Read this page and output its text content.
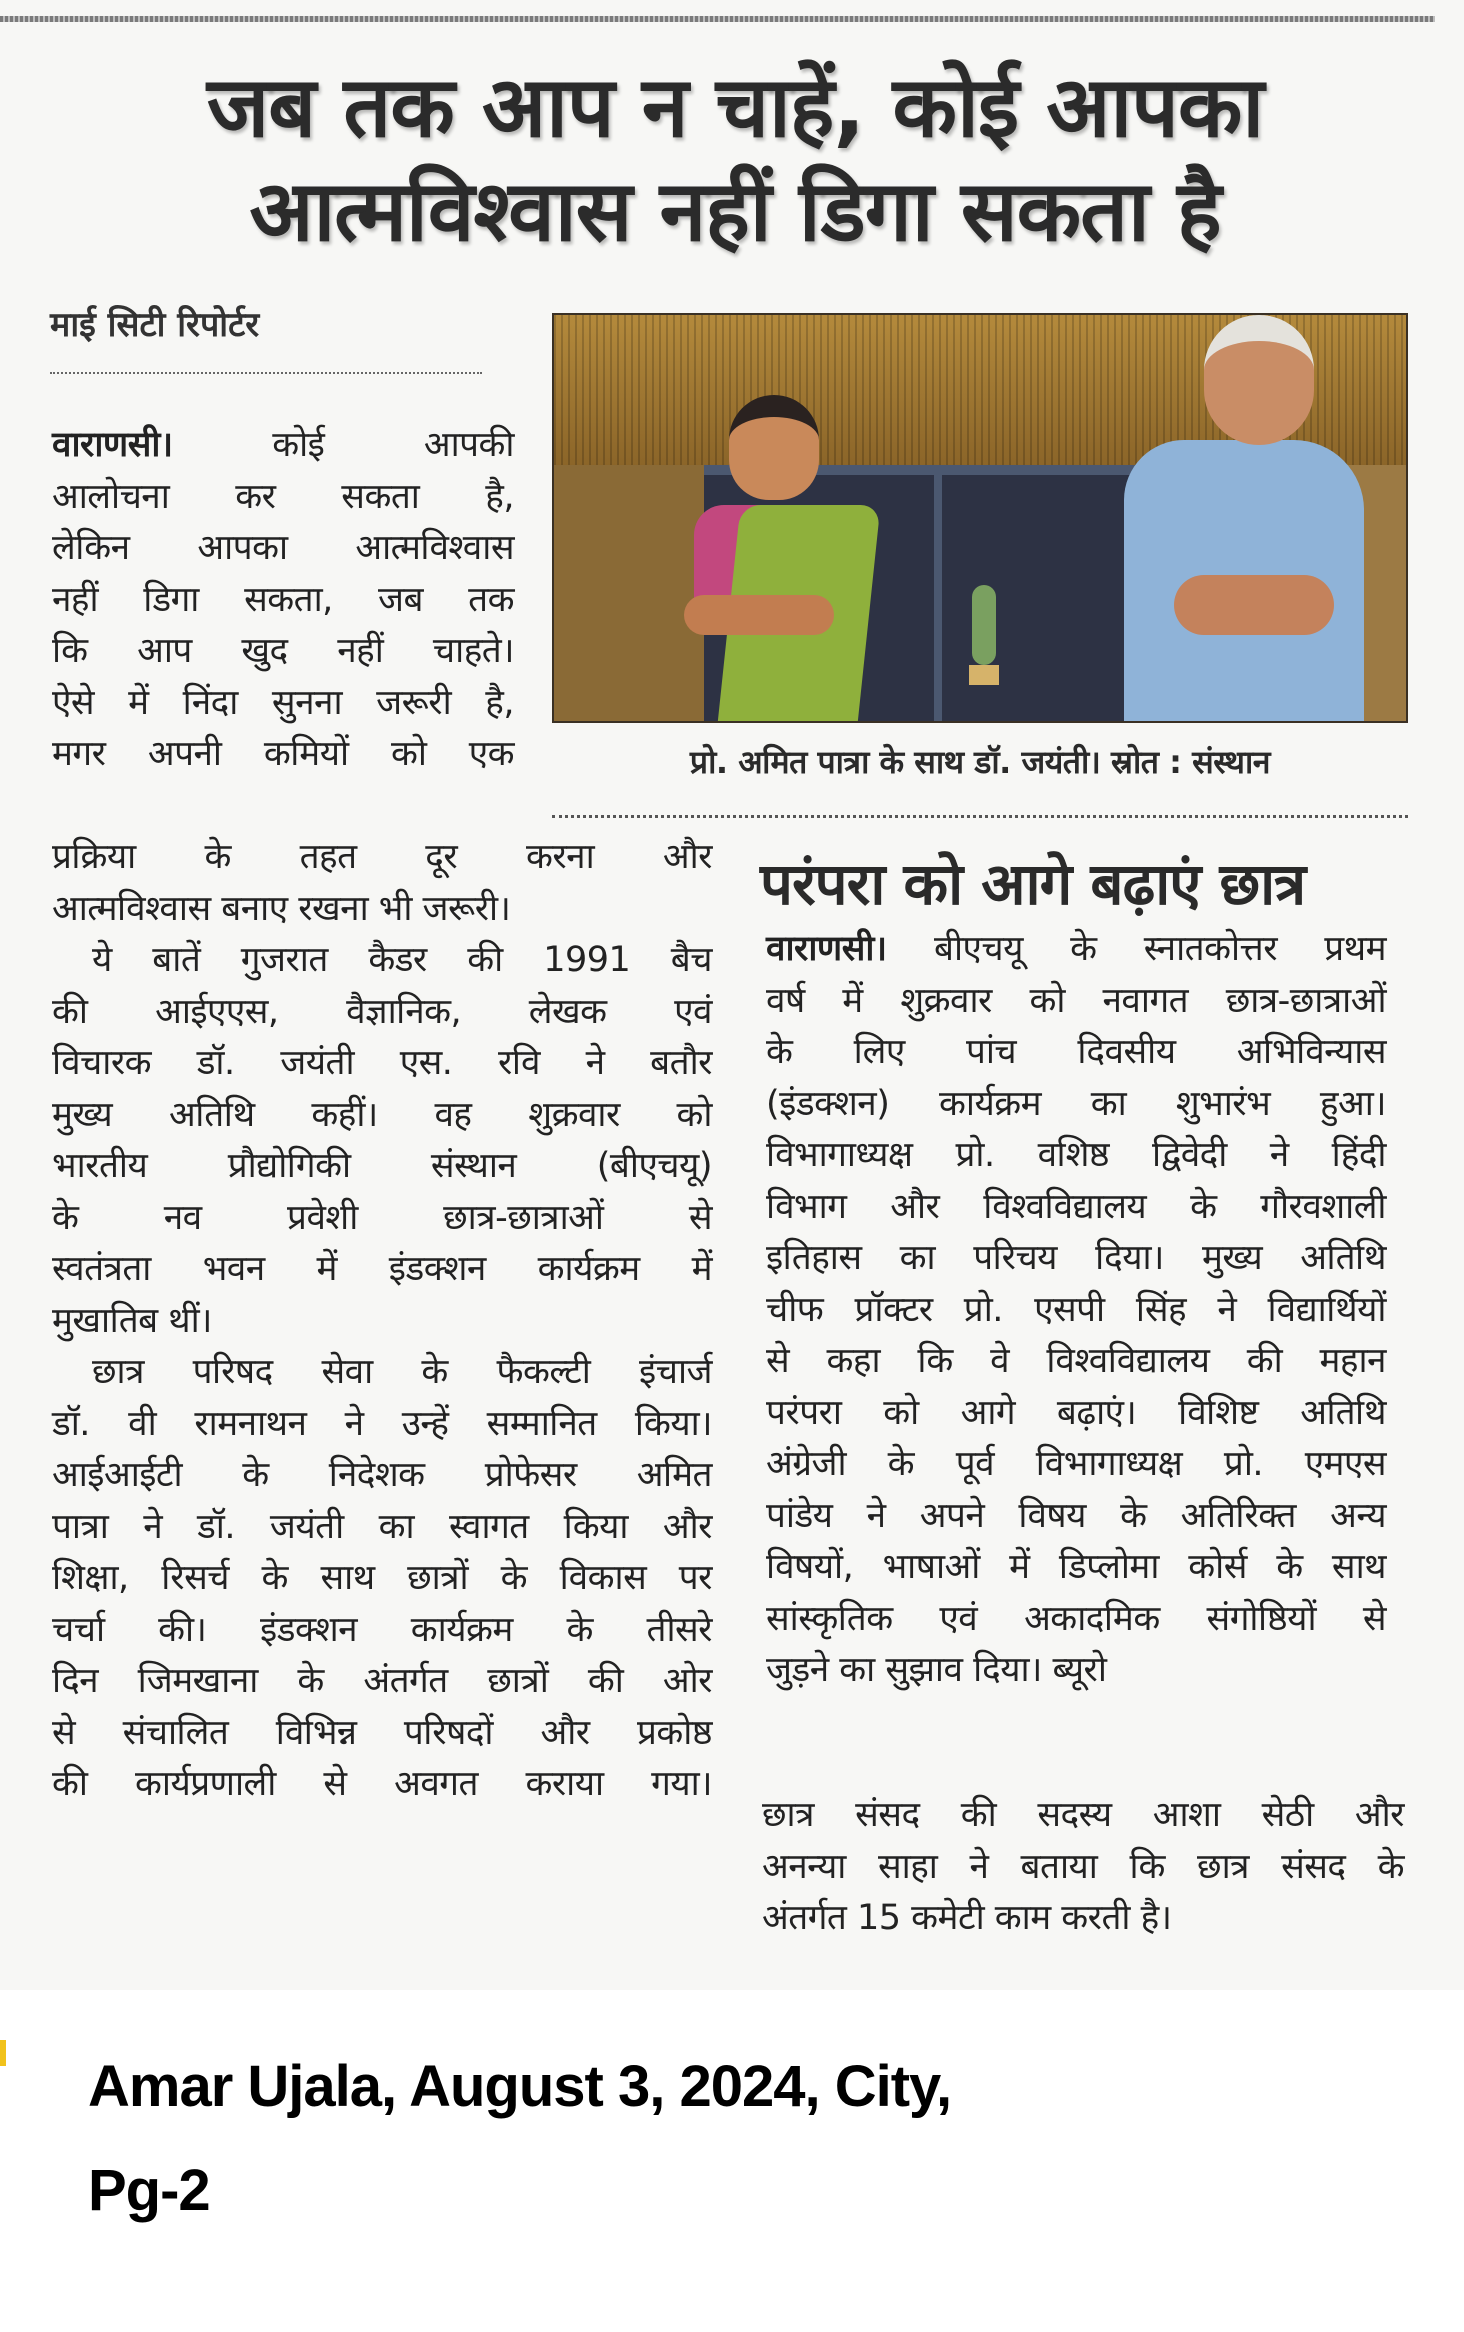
जब तक आप न चाहें, कोई आपका
आत्मविश्वास नहीं डिगा सकता है
माई सिटी रिपोर्टर
प्रो. अमित पात्रा के साथ डॉ. जयंती। स्रोत : संस्थान
वाराणसी। कोई आपकी
आलोचना कर सकता है,
लेकिन आपका आत्मविश्वास
नहीं डिगा सकता, जब तक
कि आप खुद नहीं चाहते।
ऐसे में निंदा सुनना जरूरी है,
मगर अपनी कमियों को एक
प्रक्रिया के तहत दूर करना और
आत्मविश्वास बनाए रखना भी जरूरी।
ये बातें गुजरात कैडर की 1991 बैच
की आईएएस, वैज्ञानिक, लेखक एवं
विचारक डॉ. जयंती एस. रवि ने बतौर
मुख्य अतिथि कहीं। वह शुक्रवार को
भारतीय प्रौद्योगिकी संस्थान (बीएचयू)
के नव प्रवेशी छात्र-छात्राओं से
स्वतंत्रता भवन में इंडक्शन कार्यक्रम में
मुखातिब थीं।
छात्र परिषद सेवा के फैकल्टी इंचार्ज
डॉ. वी रामनाथन ने उन्हें सम्मानित किया।
आईआईटी के निदेशक प्रोफेसर अमित
पात्रा ने डॉ. जयंती का स्वागत किया और
शिक्षा, रिसर्च के साथ छात्रों के विकास पर
चर्चा की। इंडक्शन कार्यक्रम के तीसरे
दिन जिमखाना के अंतर्गत छात्रों की ओर
से संचालित विभिन्न परिषदों और प्रकोष्ठ
की कार्यप्रणाली से अवगत कराया गया।
परंपरा को आगे बढ़ाएं छात्र
वाराणसी। बीएचयू के स्नातकोत्तर प्रथम
वर्ष में शुक्रवार को नवागत छात्र-छात्राओं
के लिए पांच दिवसीय अभिविन्यास
(इंडक्शन) कार्यक्रम का शुभारंभ हुआ।
विभागाध्यक्ष प्रो. वशिष्ठ द्विवेदी ने हिंदी
विभाग और विश्वविद्यालय के गौरवशाली
इतिहास का परिचय दिया। मुख्य अतिथि
चीफ प्रॉक्टर प्रो. एसपी सिंह ने विद्यार्थियों
से कहा कि वे विश्वविद्यालय की महान
परंपरा को आगे बढ़ाएं। विशिष्ट अतिथि
अंग्रेजी के पूर्व विभागाध्यक्ष प्रो. एमएस
पांडेय ने अपने विषय के अतिरिक्त अन्य
विषयों, भाषाओं में डिप्लोमा कोर्स के साथ
सांस्कृतिक एवं अकादमिक संगोष्ठियों से
जुड़ने का सुझाव दिया। ब्यूरो
छात्र संसद की सदस्य आशा सेठी और
अनन्या साहा ने बताया कि छात्र संसद के
अंतर्गत 15 कमेटी काम करती है।
Amar Ujala, August 3, 2024, City,
Pg-2
